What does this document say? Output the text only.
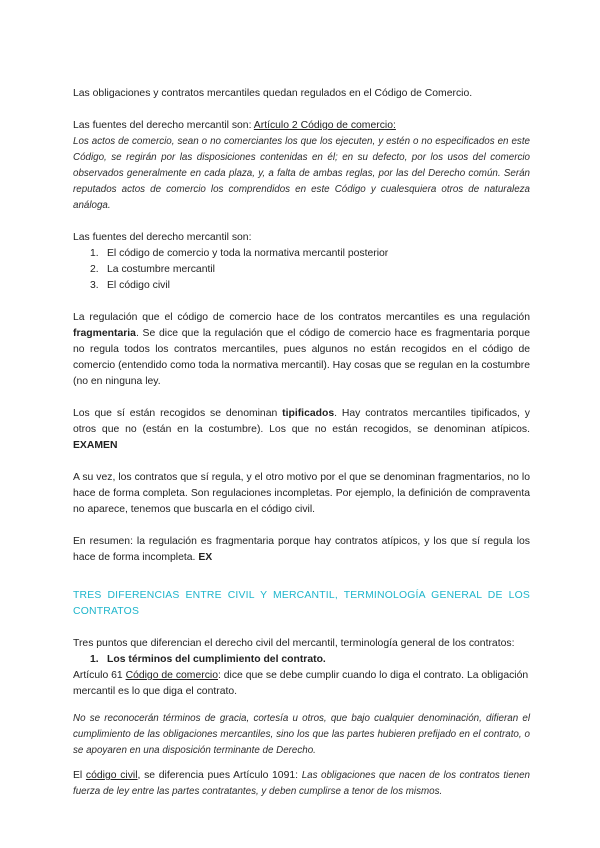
Las obligaciones y contratos mercantiles quedan regulados en el Código de Comercio.

Las fuentes del derecho mercantil son: Artículo 2 Código de comercio:

Los actos de comercio, sean o no comerciantes los que los ejecuten, y estén o no especificados en este Código, se regirán por las disposiciones contenidas en él; en su defecto, por los usos del comercio observados generalmente en cada plaza, y, a falta de ambas reglas, por las del Derecho común. Serán reputados actos de comercio los comprendidos en este Código y cualesquiera otros de naturaleza análoga.

Las fuentes del derecho mercantil son:

1. El código de comercio y toda la normativa mercantil posterior
2. La costumbre mercantil
3. El código civil

La regulación que el código de comercio hace de los contratos mercantiles es una regulación fragmentaria. Se dice que la regulación que el código de comercio hace es fragmentaria porque no regula todos los contratos mercantiles, pues algunos no están recogidos en el código de comercio (entendido como toda la normativa mercantil). Hay cosas que se regulan en la costumbre (no en ninguna ley.

Los que sí están recogidos se denominan tipificados. Hay contratos mercantiles tipificados, y otros que no (están en la costumbre). Los que no están recogidos, se denominan atípicos. EXAMEN

A su vez, los contratos que sí regula, y el otro motivo por el que se denominan fragmentarios, no lo hace de forma completa. Son regulaciones incompletas. Por ejemplo, la definición de compraventa no aparece, tenemos que buscarla en el código civil.

En resumen: la regulación es fragmentaria porque hay contratos atípicos, y los que sí regula los hace de forma incompleta. EX

TRES DIFERENCIAS ENTRE CIVIL Y MERCANTIL, TERMINOLOGÍA GENERAL DE LOS CONTRATOS

Tres puntos que diferencian el derecho civil del mercantil, terminología general de los contratos:

1. Los términos del cumplimiento del contrato.

Artículo 61 Código de comercio: dice que se debe cumplir cuando lo diga el contrato. La obligación mercantil es lo que diga el contrato.

No se reconocerán términos de gracia, cortesía u otros, que bajo cualquier denominación, difieran el cumplimiento de las obligaciones mercantiles, sino los que las partes hubieren prefijado en el contrato, o se apoyaren en una disposición terminante de Derecho.

El código civil, se diferencia pues Artículo 1091: Las obligaciones que nacen de los contratos tienen fuerza de ley entre las partes contratantes, y deben cumplirse a tenor de los mismos.
